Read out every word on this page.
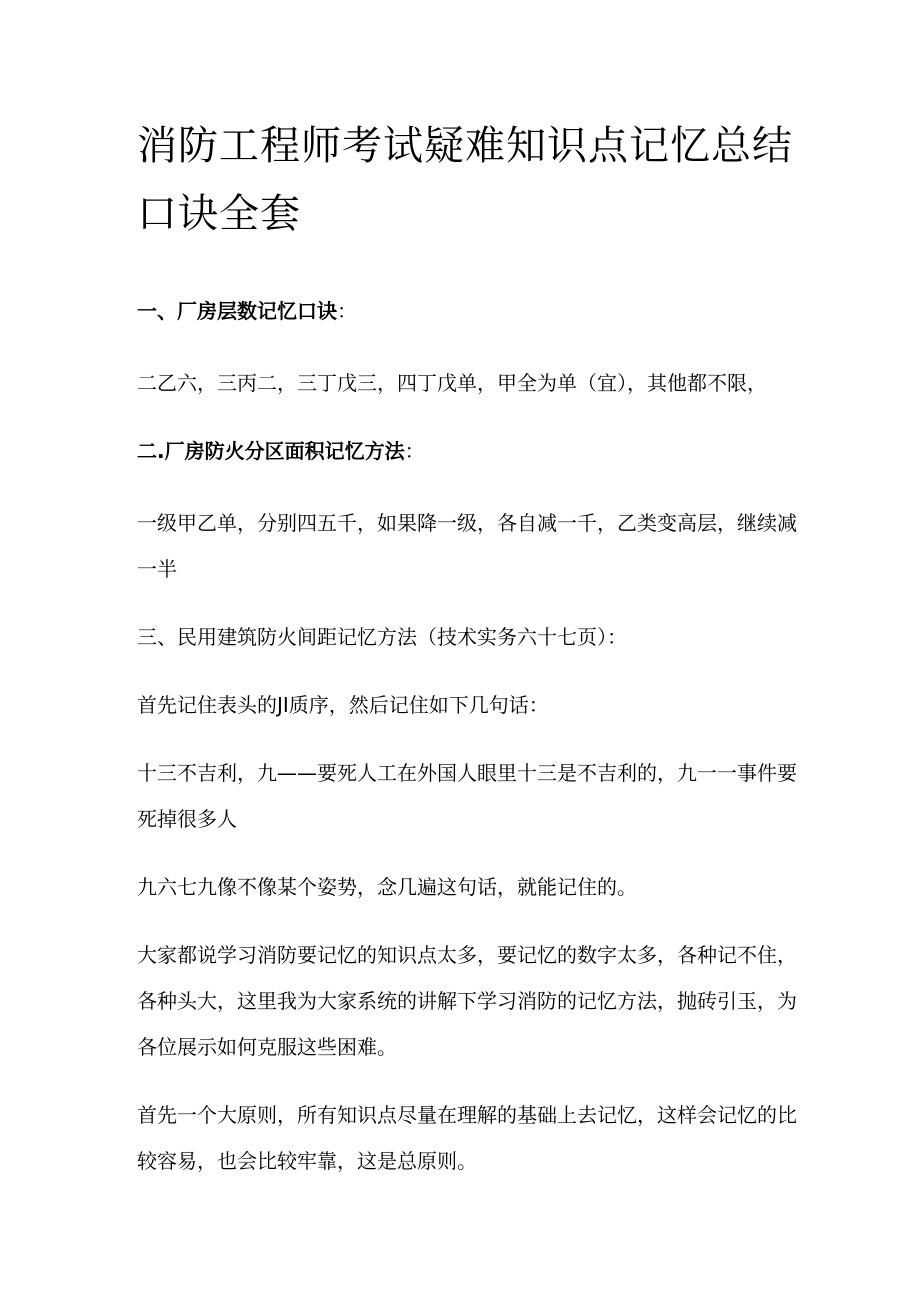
消防工程师考试疑难知识点记忆总结口诀全套

一、厂房层数记忆口诀：

二乙六，三丙二，三丁戊三，四丁戊单，甲全为单（宜），其他都不限，

二.厂房防火分区面积记忆方法：

一级甲乙单，分别四五千，如果降一级，各自减一千，乙类变高层，继续减一半

三、民用建筑防火间距记忆方法（技术实务六十七页）：

首先记住表头的JI质序，然后记住如下几句话：

十三不吉利，九——要死人工在外国人眼里十三是不吉利的，九一一事件要死掉很多人

九六七九像不像某个姿势，念几遍这句话，就能记住的。

大家都说学习消防要记忆的知识点太多，要记忆的数字太多，各种记不住，各种头大，这里我为大家系统的讲解下学习消防的记忆方法，抛砖引玉，为各位展示如何克服这些困难。

首先一个大原则，所有知识点尽量在理解的基础上去记忆，这样会记忆的比较容易，也会比较牢靠，这是总原则。
